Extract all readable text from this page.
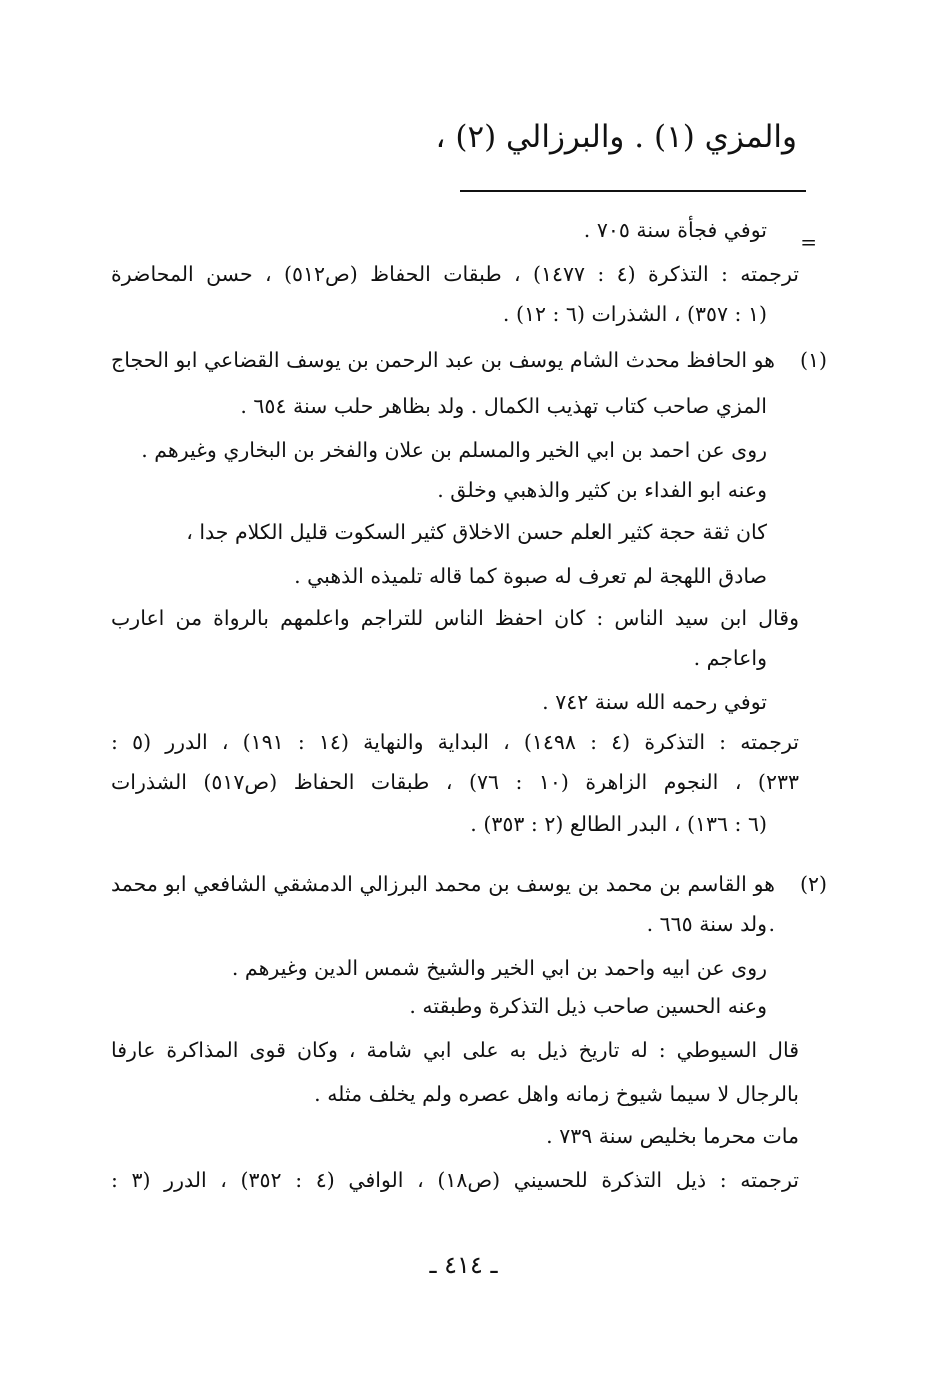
والمزي (١) . والبرزالي (٢) ،
=
توفي فجأة سنة ٧٠٥ .
ترجمته : التذكرة (٤ : ١٤٧٧) ، طبقات الحفاظ (ص٥١٢) ، حسن المحاضرة
(١ : ٣٥٧) ، الشذرات (٦ : ١٢) .
(١)
هو الحافظ محدث الشام يوسف بن عبد الرحمن بن يوسف القضاعي ابو الحجاج
المزي صاحب كتاب تهذيب الكمال . ولد بظاهر حلب سنة ٦٥٤ .
روى عن احمد بن ابي الخير والمسلم بن علان والفخر بن البخاري وغيرهم .
وعنه ابو الفداء بن كثير والذهبي وخلق .
كان ثقة حجة كثير العلم حسن الاخلاق كثير السكوت قليل الكلام جدا ،
صادق اللهجة لم تعرف له صبوة كما قاله تلميذه الذهبي .
وقال ابن سيد الناس : كان احفظ الناس للتراجم واعلمهم بالرواة من اعارب
واعاجم .
توفي رحمه الله سنة ٧٤٢ .
ترجمته : التذكرة (٤ : ١٤٩٨) ، البداية والنهاية (١٤ : ١٩١) ، الدرر (٥ :
٢٣٣) ، النجوم الزاهرة (١٠ : ٧٦) ، طبقات الحفاظ (ص٥١٧) الشذرات
(٦ : ١٣٦) ، البدر الطالع (٢ : ٣٥٣) .
(٢)
هو القاسم بن محمد بن يوسف بن محمد البرزالي الدمشقي الشافعي ابو محمد .
ولد سنة ٦٦٥ .
روى عن ابيه واحمد بن ابي الخير والشيخ شمس الدين وغيرهم .
وعنه الحسين صاحب ذيل التذكرة وطبقته .
قال السيوطي : له تاريخ ذيل به على ابي شامة ، وكان قوى المذاكرة عارفا
بالرجال لا سيما شيوخ زمانه واهل عصره ولم يخلف مثله .
مات محرما بخليص سنة ٧٣٩ .
ترجمته : ذيل التذكرة للحسيني (ص١٨) ، الوافي (٤ : ٣٥٢) ، الدرر (٣ :
ـ ٤١٤ ـ
